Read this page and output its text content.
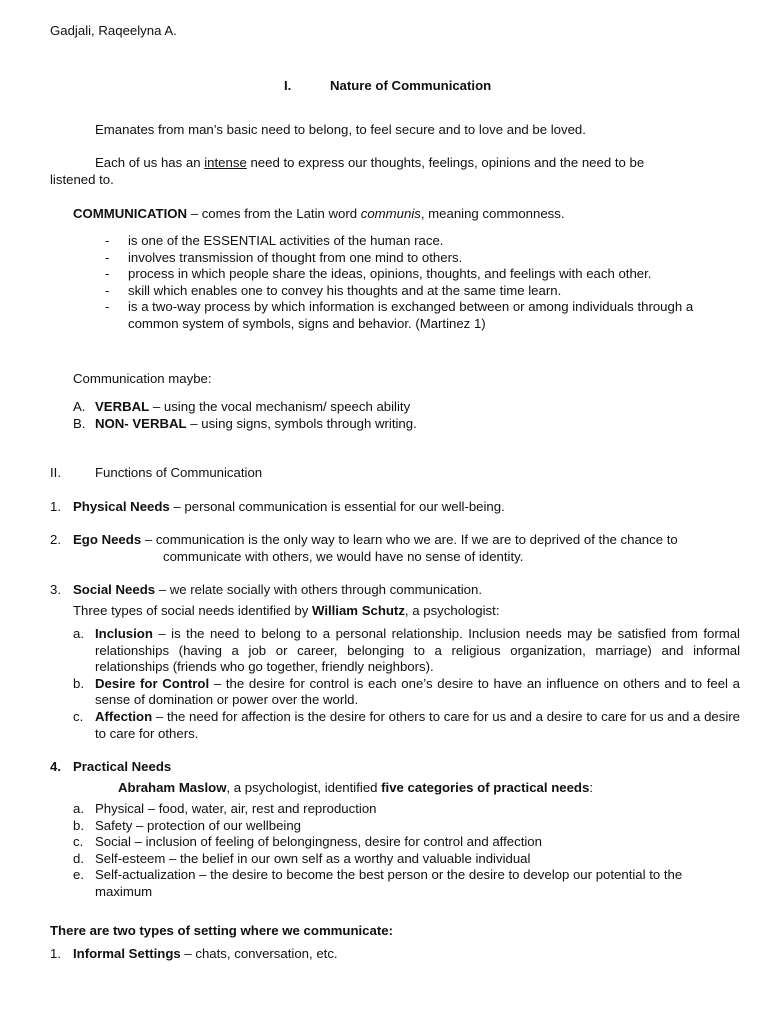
Gadjali, Raqeelyna A.
I.	Nature of Communication
Emanates from man’s basic need to belong, to feel secure and to love and be loved.
Each of us has an intense need to express our thoughts, feelings, opinions and the need to be
listened to.
COMMUNICATION – comes from the Latin word communis, meaning commonness.
- is one of the ESSENTIAL activities of the human race.
- involves transmission of thought from one mind to others.
- process in which people share the ideas, opinions, thoughts, and feelings with each other.
- skill which enables one to convey his thoughts and at the same time learn.
- is a two-way process by which information is exchanged between or among individuals through a common system of symbols, signs and behavior. (Martinez 1)
Communication maybe:
A. VERBAL – using the vocal mechanism/ speech ability
B. NON- VERBAL – using signs, symbols through writing.
II.	Functions of Communication
1. Physical Needs – personal communication is essential for our well-being.
2. Ego Needs – communication is the only way to learn who we are. If we are to deprived of the chance to
communicate with others, we would have no sense of identity.
3. Social Needs – we relate socially with others through communication.
Three types of social needs identified by William Schutz, a psychologist:
a. Inclusion – is the need to belong to a personal relationship. Inclusion needs may be satisfied from formal relationships (having a job or career, belonging to a religious organization, marriage) and informal relationships (friends who go together, friendly neighbors).
b. Desire for Control – the desire for control is each one’s desire to have an influence on others and to feel a sense of domination or power over the world.
c. Affection – the need for affection is the desire for others to care for us and a desire to care for us and a desire to care for others.
4. Practical Needs
Abraham Maslow, a psychologist, identified five categories of practical needs:
a. Physical – food, water, air, rest and reproduction
b. Safety – protection of our wellbeing
c. Social – inclusion of feeling of belongingness, desire for control and affection
d. Self-esteem – the belief in our own self as a worthy and valuable individual
e. Self-actualization – the desire to become the best person or the desire to develop our potential to the maximum
There are two types of setting where we communicate:
1. Informal Settings – chats, conversation, etc.
